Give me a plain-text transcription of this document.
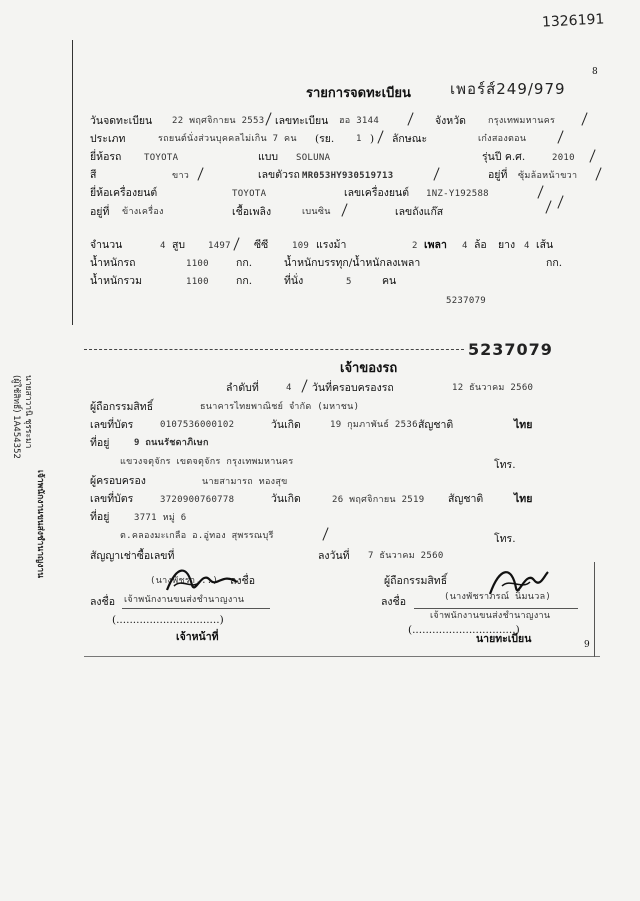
1326191
8
รายการจดทะเบียน	เพอร์ส์249/979
วันจดทะเบียน 22 พฤศจิกายน 2553 เลขทะเบียน ฮอ 3144	จังหวัด กรุงเทพมหานคร
ประเภท	รถยนต์นั่งส่วนบุคคลไม่เกิน 7 คน (รย. 1 ) ลักษณะ	เก๋งสองตอน
ยี่ห้อรถ	TOYOTA	แบบ SOLUNA	รุ่นปี ค.ศ.	2010
สี	ขาว	เลขตัวรถ MR053HY930519713	อยู่ที่ ซุ้มล้อหน้าขวา
ยี่ห้อเครื่องยนต์	TOYOTA	เลขเครื่องยนต์ 1NZ-Y192588
อยู่ที่ ข้างเครื่อง	เชื้อเพลิง	เบนซิน	เลขถังแก๊ส
จำนวน	4 สูบ	1497 ซีซี	109 แรงม้า	2 เพลา 4 ล้อ ยาง 4 เส้น
น้ำหนักรถ	1100	กก.	น้ำหนักบรรทุก/น้ำหนักลงเพลา	กก.
น้ำหนักรวม	1100	กก.	ที่นั่ง	5	คน
5237079
5237079
เจ้าของรถ
ลำดับที่	4 วันที่ครอบครองรถ	12 ธันวาคม 2560
ผู้ถือกรรมสิทธิ์	ธนาคารไทยพาณิชย์ จำกัด (มหาชน)
เลขที่บัตร	0107536000102	วันเกิด	19 กุมภาพันธ์ 2536 สัญชาติ	ไทย
ที่อยู่	9 ถนนรัชดาภิเษก
แขวงจตุจักร เขตจตุจักร กรุงเทพมหานคร	โทร.
ผู้ครอบครอง	นายสามารถ ทองสุข
เลขที่บัตร	3720900760778	วันเกิด	26 พฤศจิกายน 2519 สัญชาติ	ไทย
ที่อยู่	3771 หมู่ 6
ต.คลองมะเกลือ อ.อู่ทอง สุพรรณบุรี	โทร.
สัญญาเช่าซื้อเลขที่	ลงวันที่ 7 ธันวาคม 2560
(นางพัชรา...) ลงชื่อ	ผู้ถือกรรมสิทธิ์
ลงชื่อ เจ้าพนักงานขนส่งชำนาญงาน	ลงชื่อ	(นางพัชราภรณ์ นิ่มนวล)
เจ้าพนักงานขนส่งชำนาญงาน
(...............................)
(...............................)
เจ้าหน้าที่	นายทะเบียน	9
นายสาวานิ ชุรระมา
(ผู้ใช้สิทธิ์) 1A454352
เจ้าพนักงานขนส่งชำนาญงาน
